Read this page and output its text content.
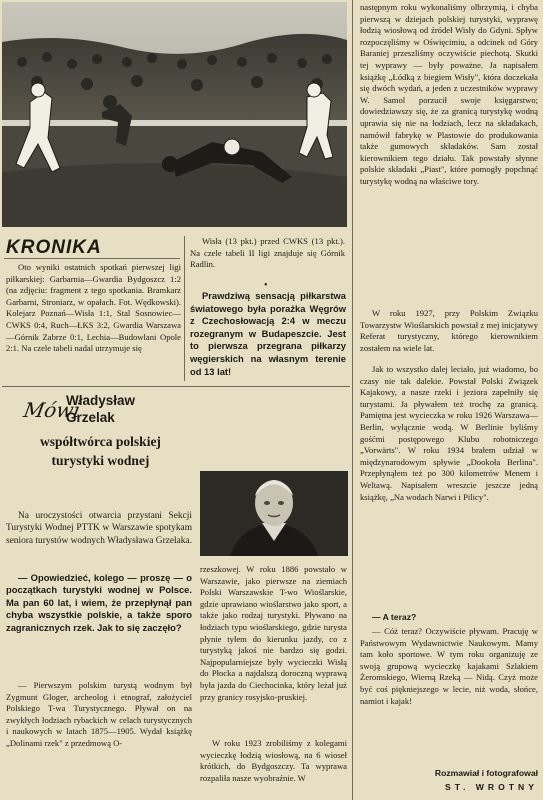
KRONIKA
Oto wyniki ostatnich spotkań pierwszej ligi piłkarskiej: Garbarnia—Gwardia Bydgoszcz 1:2 (na zdjęciu: fragment z tego spotkania. Bramkarz Garbarni, Stroniarz, w opałach. Fot. Wędkowski). Kolejarz Poznań—Wisła 1:1, Stal Sosnowiec—CWKS 0:4, Ruch—ŁKS 3:2, Gwardia Warszawa—Górnik Zabrze 0:1, Lechia—Budowlani Opole 2:1. Na czele tabeli nadal utrzymuje się
Wisła (13 pkt.) przed CWKS (13 pkt.). Na czele tabeli II ligi znajduje się Górnik Radlin.
•
Prawdziwą sensacją piłkarstwa światowego była porażka Węgrów z Czechosłowacją 2:4 w meczu rozegranym w Budapeszcie. Jest to pierwsza przegrana piłkarzy węgierskich na własnym terenie od 13 lat!
Mówi
Władysław Grzelak
współtwórca polskiej turystyki wodnej
Na uroczystości otwarcia przystani Sekcji Turystyki Wodnej PTTK w Warszawie spotykam seniora turystów wodnych Władysława Grzelaka.
— Opowiedzieć, kolego — proszę — o początkach turystyki wodnej w Polsce. Ma pan 60 lat, i wiem, że przepłynął pan chyba wszystkie polskie, a także sporo zagranicznych rzek. Jak to się zaczęło?
— Pierwszym polskim turystą wodnym był Zygmunt Gloger, archeolog i etnograf, założyciel Polskiego T-wa Turystycznego. Pływał on na zwykłych łodziach rybackich w celach turystycznych i naukowych w latach 1875—1905. Wydał książkę „Dolinami rzek" z przedmową O-
rzeszkowej. W roku 1886 powstało w Warszawie, jako pierwsze na ziemiach Polski Warszawskie T-wo Wioślarskie, gdzie uprawiano wioślarstwo jako sport, a także jako rodzaj turystyki. Pływano na łodziach typu wioślarskiego, gdzie turysta płynie tyłem do kierunku jazdy, co z turystyką jakoś nie bardzo się godzi. Najpopularniejsze były wycieczki Wisłą do Płocka a najdalszą doroczną wyprawą była jazda do Ciechocinka, który leżał już przy granicy rosyjsko-pruskiej.
W roku 1923 zrobiliśmy z kolegami wycieczkę łodzią wiosłową, na 6 wioseł krótkich, do Bydgoszczy. Ta wyprawa rozpaliła nasze wyobraźnie. W
następnym roku wykonaliśmy olbrzymią, i chyba pierwszą w dziejach polskiej turystyki, wyprawę łodzią wiosłową od źródeł Wisły do Gdyni. Spływ rozpoczęliśmy w Oświęcimiu, a odcinek od Góry Baraniej przeszliśmy oczywiście piechotą. Skutki tej wyprawy — były poważne. Ja napisałem książkę „Łódką z biegiem Wisły", która doczekała się dwóch wydań, a jeden z uczestników wyprawy W. Samol porzucił swoje księgarstwo; dowiedziawszy się, że za granicą turystykę wodną uprawia się nie na łodziach, lecz na składakach, namówił fabrykę w Plastowie do produkowania także gumowych składaków. Sam został kierownikiem tego działu. Tak powstały słynne polskie składaki „Piast", które pomogły popchnąć turystykę wodną na właściwe tory.
W roku 1927, przy Polskim Związku Towarzystw Wioślarskich powstał z mej inicjatywy Referat turystyczny, którego kierownikiem zostałem na wiele lat.
Jak to wszystko dalej leciało, już wiadomo, bo czasy nie tak dalekie. Powstał Polski Związek Kajakowy, a nasze rzeki i jeziora zapełniły się turystami. Ja pływałem też trochę za granicą. Pamiętna jest wycieczka w roku 1926 Warszawa—Berlin, wyłącznie wodą. W Berlinie byliśmy gośćmi postępowego Klubu robotniczego „Vorwärts". W roku 1934 brałem udział w międzynarodowym spływie „Dookoła Berlina". Przepłynąłem też po 300 kilometrów Menem i Weltawą. Napisałem wreszcie jeszcze jedną książkę, „Na wodach Narwi i Pilicy".
— A teraz?
— Cóż teraz? Oczywiście pływam. Pracuję w Państwowym Wydawnictwie Naukowym. Mamy tam koło sportowe. W tym roku organizuję ze swoją grupową wycieczkę kajakami Szlakiem Żeromskiego, Wierną Rzeką — Nidą. Czyż może być coś piękniejszego w lecie, niż woda, słońce, namiot i kajak!
Rozmawiał i fotografował
ST. WROTNY
